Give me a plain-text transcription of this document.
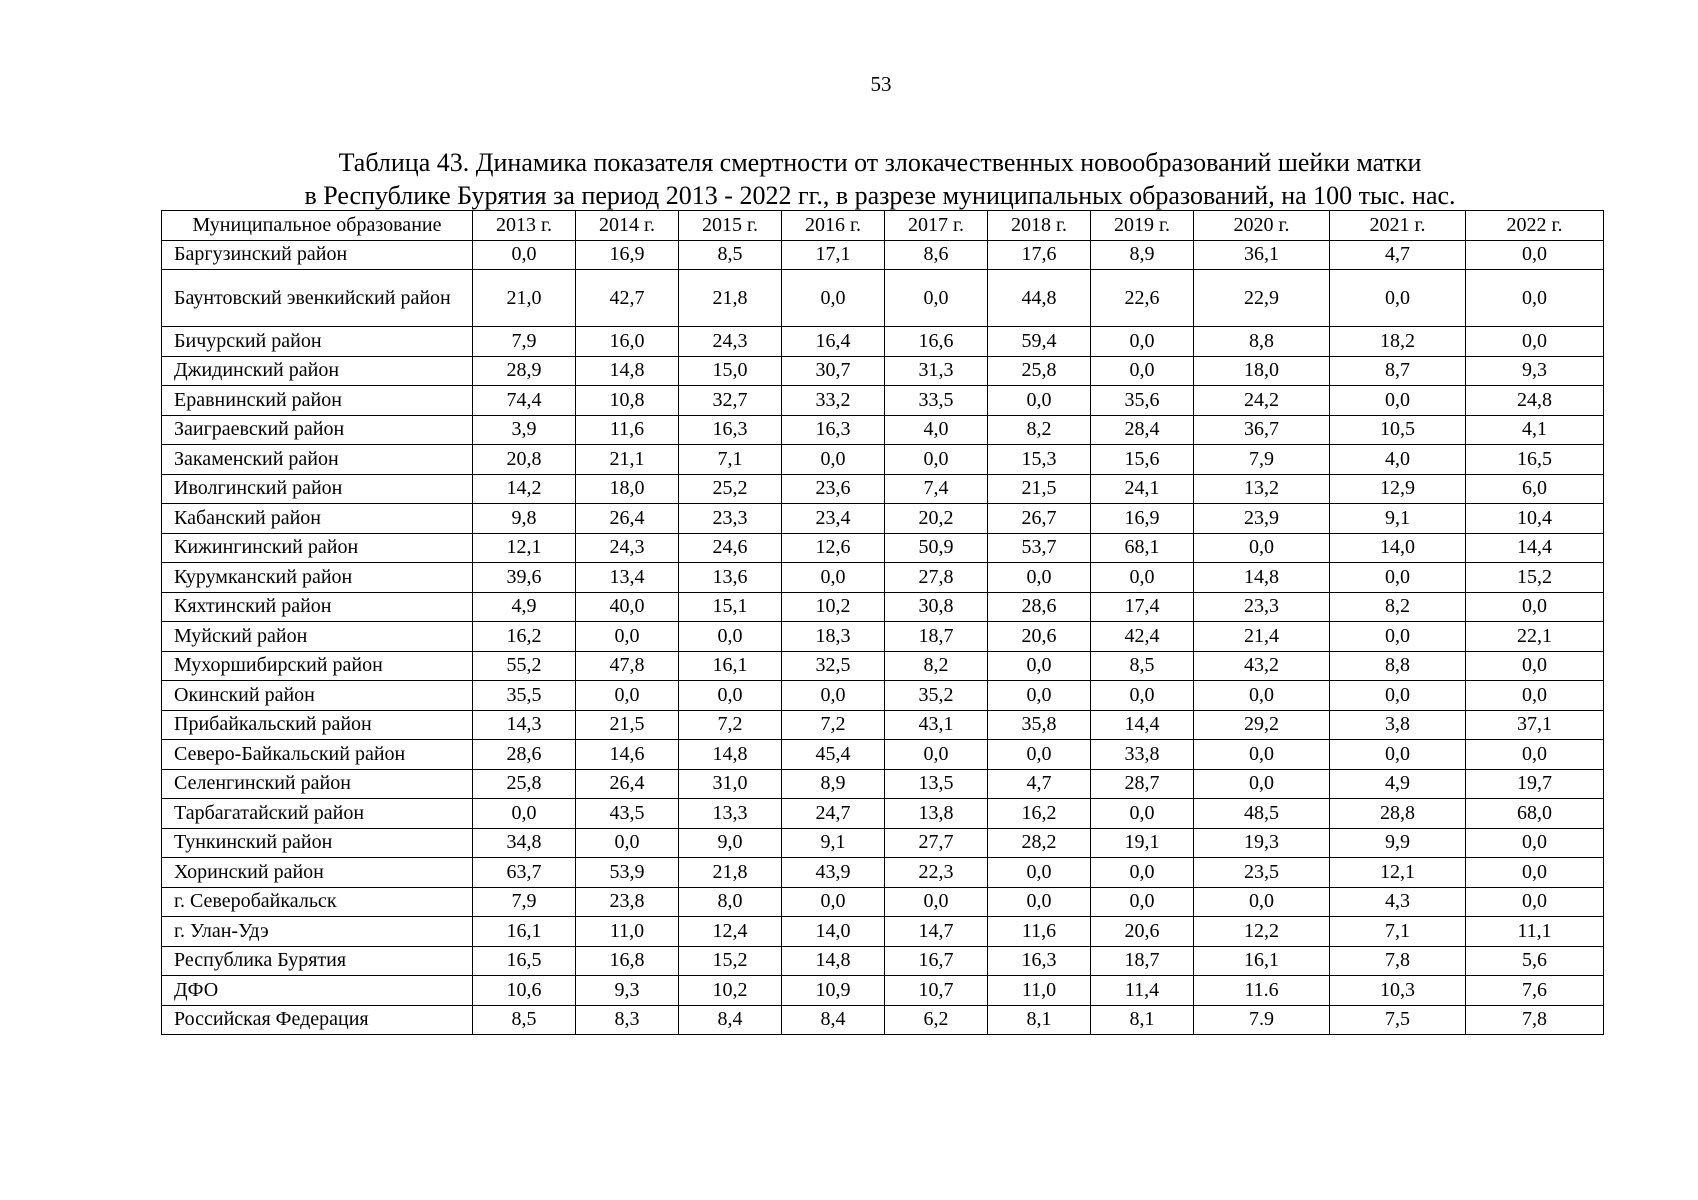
53
Таблица 43. Динамика показателя смертности от злокачественных новообразований шейки матки
в Республике Бурятия за период 2013 - 2022 гг., в разрезе муниципальных образований, на 100 тыс. нас.
Муниципальное образование	2013 г.	2014 г.	2015 г.	2016 г.	2017 г.	2018 г.	2019 г.	2020 г.	2021 г.	2022 г.
Баргузинский район	0,0	16,9	8,5	17,1	8,6	17,6	8,9	36,1	4,7	0,0
Баунтовский эвенкийский район	21,0	42,7	21,8	0,0	0,0	44,8	22,6	22,9	0,0	0,0
Бичурский район	7,9	16,0	24,3	16,4	16,6	59,4	0,0	8,8	18,2	0,0
Джидинский район	28,9	14,8	15,0	30,7	31,3	25,8	0,0	18,0	8,7	9,3
Еравнинский район	74,4	10,8	32,7	33,2	33,5	0,0	35,6	24,2	0,0	24,8
Заиграевский район	3,9	11,6	16,3	16,3	4,0	8,2	28,4	36,7	10,5	4,1
Закаменский район	20,8	21,1	7,1	0,0	0,0	15,3	15,6	7,9	4,0	16,5
Иволгинский район	14,2	18,0	25,2	23,6	7,4	21,5	24,1	13,2	12,9	6,0
Кабанский район	9,8	26,4	23,3	23,4	20,2	26,7	16,9	23,9	9,1	10,4
Кижингинский район	12,1	24,3	24,6	12,6	50,9	53,7	68,1	0,0	14,0	14,4
Курумканский район	39,6	13,4	13,6	0,0	27,8	0,0	0,0	14,8	0,0	15,2
Кяхтинский район	4,9	40,0	15,1	10,2	30,8	28,6	17,4	23,3	8,2	0,0
Муйский район	16,2	0,0	0,0	18,3	18,7	20,6	42,4	21,4	0,0	22,1
Мухоршибирский район	55,2	47,8	16,1	32,5	8,2	0,0	8,5	43,2	8,8	0,0
Окинский район	35,5	0,0	0,0	0,0	35,2	0,0	0,0	0,0	0,0	0,0
Прибайкальский район	14,3	21,5	7,2	7,2	43,1	35,8	14,4	29,2	3,8	37,1
Северо-Байкальский район	28,6	14,6	14,8	45,4	0,0	0,0	33,8	0,0	0,0	0,0
Селенгинский район	25,8	26,4	31,0	8,9	13,5	4,7	28,7	0,0	4,9	19,7
Тарбагатайский район	0,0	43,5	13,3	24,7	13,8	16,2	0,0	48,5	28,8	68,0
Тункинский район	34,8	0,0	9,0	9,1	27,7	28,2	19,1	19,3	9,9	0,0
Хоринский район	63,7	53,9	21,8	43,9	22,3	0,0	0,0	23,5	12,1	0,0
г. Северобайкальск	7,9	23,8	8,0	0,0	0,0	0,0	0,0	0,0	4,3	0,0
г. Улан-Удэ	16,1	11,0	12,4	14,0	14,7	11,6	20,6	12,2	7,1	11,1
Республика Бурятия	16,5	16,8	15,2	14,8	16,7	16,3	18,7	16,1	7,8	5,6
ДФО	10,6	9,3	10,2	10,9	10,7	11,0	11,4	11.6	10,3	7,6
Российская Федерация	8,5	8,3	8,4	8,4	6,2	8,1	8,1	7.9	7,5	7,8
